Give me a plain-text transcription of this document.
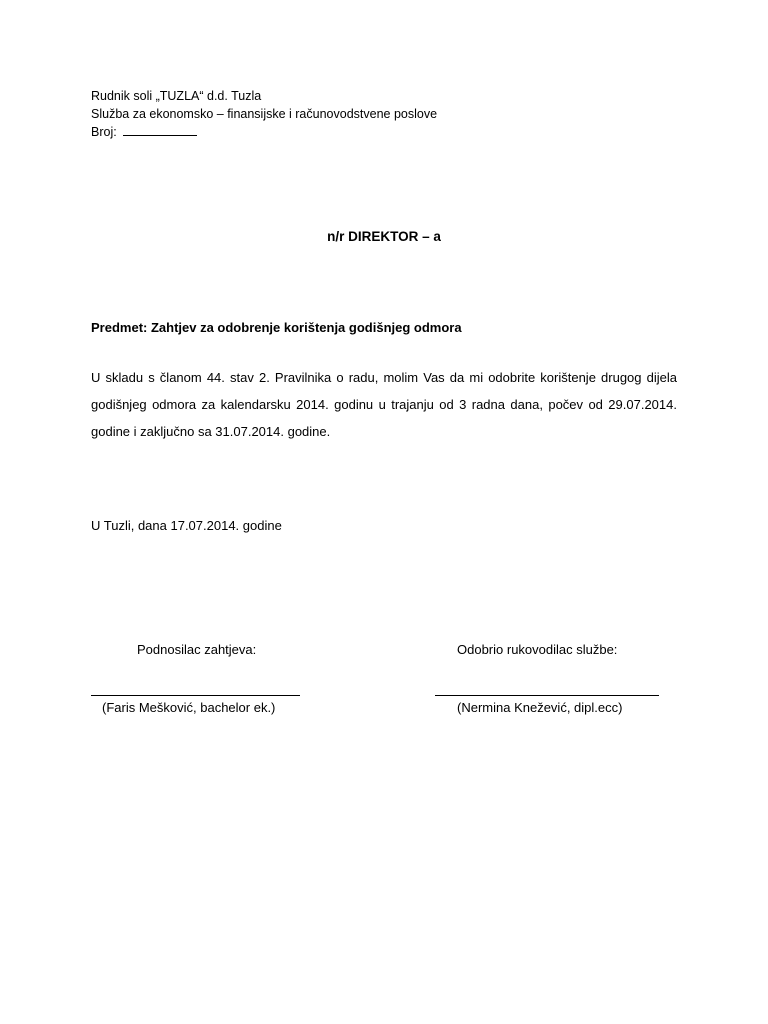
Rudnik soli „TUZLA“ d.d. Tuzla
Služba za ekonomsko – finansijske i računovodstvene poslove
Broj:
n/r DIREKTOR – a
Predmet: Zahtjev za odobrenje korištenja godišnjeg odmora
U skladu s članom 44. stav 2. Pravilnika o radu, molim Vas da mi odobrite korištenje drugog dijela godišnjeg odmora za kalendarsku 2014. godinu u trajanju od 3 radna dana, počev od 29.07.2014. godine i zaključno sa 31.07.2014. godine.
U Tuzli, dana 17.07.2014. godine
Podnosilac zahtjeva:	Odobrio rukovodilac službe:
(Faris Mešković, bachelor ek.)	(Nermina Knežević, dipl.ecc)
